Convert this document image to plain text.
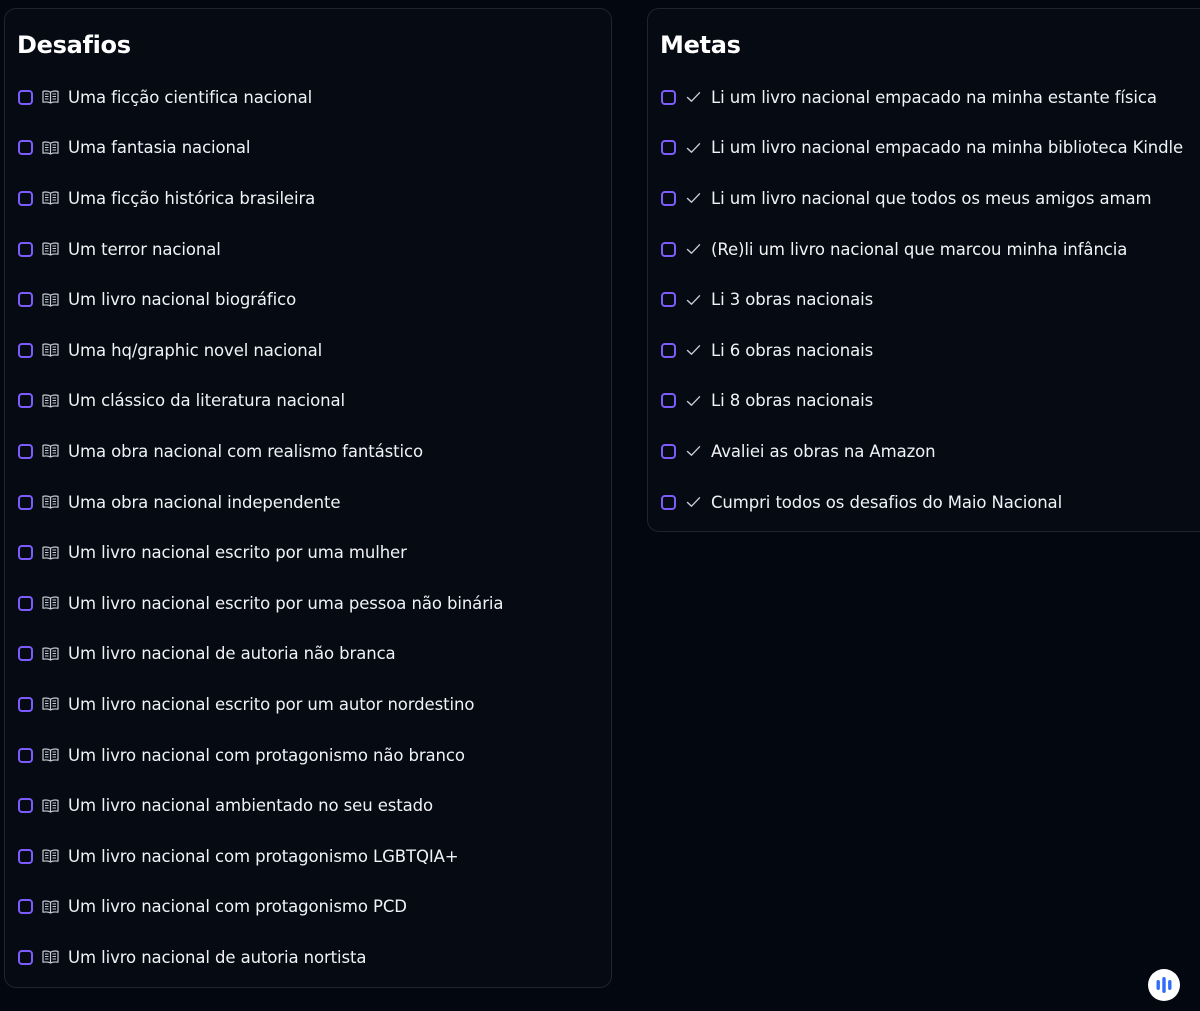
Desafios
Uma ficção cientifica nacional
Uma fantasia nacional
Uma ficção histórica brasileira
Um terror nacional
Um livro nacional biográfico
Uma hq/graphic novel nacional
Um clássico da literatura nacional
Uma obra nacional com realismo fantástico
Uma obra nacional independente
Um livro nacional escrito por uma mulher
Um livro nacional escrito por uma pessoa não binária
Um livro nacional de autoria não branca
Um livro nacional escrito por um autor nordestino
Um livro nacional com protagonismo não branco
Um livro nacional ambientado no seu estado
Um livro nacional com protagonismo LGBTQIA+
Um livro nacional com protagonismo PCD
Um livro nacional de autoria nortista
Metas
Li um livro nacional empacado na minha estante física
Li um livro nacional empacado na minha biblioteca Kindle
Li um livro nacional que todos os meus amigos amam
(Re)li um livro nacional que marcou minha infância
Li 3 obras nacionais
Li 6 obras nacionais
Li 8 obras nacionais
Avaliei as obras na Amazon
Cumpri todos os desafios do Maio Nacional
